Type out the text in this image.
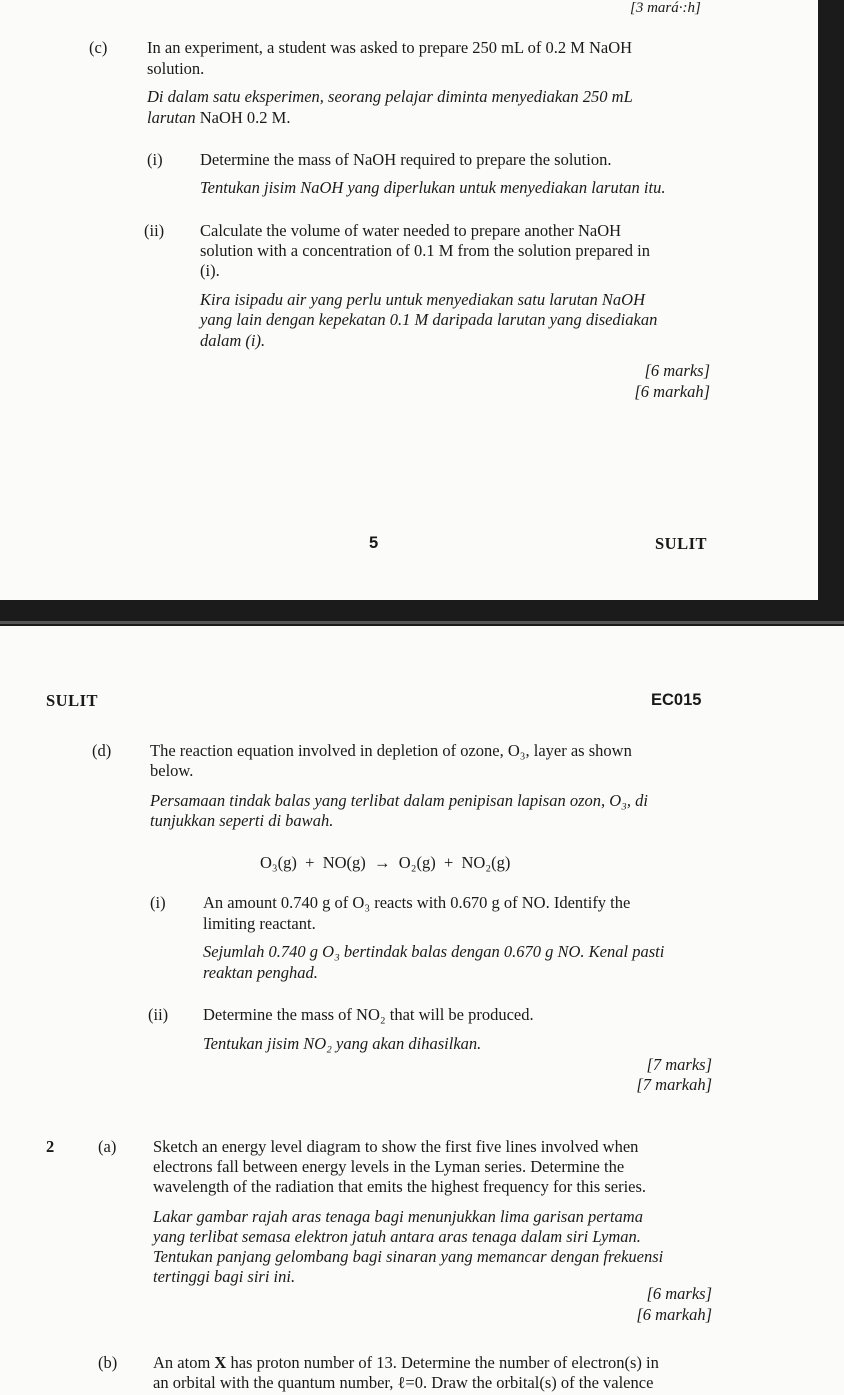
[3 mará·:h]
(c) In an experiment, a student was asked to prepare 250 mL of 0.2 M NaOH
solution.
Di dalam satu eksperimen, seorang pelajar diminta menyediakan 250 mL
larutan NaOH 0.2 M.
(i) Determine the mass of NaOH required to prepare the solution.
Tentukan jisim NaOH yang diperlukan untuk menyediakan larutan itu.
(ii) Calculate the volume of water needed to prepare another NaOH
solution with a concentration of 0.1 M from the solution prepared in
(i).
Kira isipadu air yang perlu untuk menyediakan satu larutan NaOH
yang lain dengan kepekatan 0.1 M daripada larutan yang disediakan
dalam (i).
[6 marks]
[6 markah]
5	SULIT
SULIT	EC015
(d) The reaction equation involved in depletion of ozone, O₃, layer as shown
below.
Persamaan tindak balas yang terlibat dalam penipisan lapisan ozon, O₃, di
tunjukkan seperti di bawah.
O₃(g)  +  NO(g)  →  O₂(g)  +  NO₂(g)
(i) An amount 0.740 g of O₃ reacts with 0.670 g of NO. Identify the
limiting reactant.
Sejumlah 0.740 g O₃ bertindak balas dengan 0.670 g NO. Kenal pasti
reaktan penghad.
(ii) Determine the mass of NO₂ that will be produced.
Tentukan jisim NO₂ yang akan dihasilkan.
[7 marks]
[7 markah]
2	(a) Sketch an energy level diagram to show the first five lines involved when
electrons fall between energy levels in the Lyman series. Determine the
wavelength of the radiation that emits the highest frequency for this series.
Lakar gambar rajah aras tenaga bagi menunjukkan lima garisan pertama
yang terlibat semasa elektron jatuh antara aras tenaga dalam siri Lyman.
Tentukan panjang gelombang bagi sinaran yang memancar dengan frekuensi
tertinggi bagi siri ini.
[6 marks]
[6 markah]
(b) An atom X has proton number of 13. Determine the number of electron(s) in
an orbital with the quantum number, ℓ=0. Draw the orbital(s) of the valence
